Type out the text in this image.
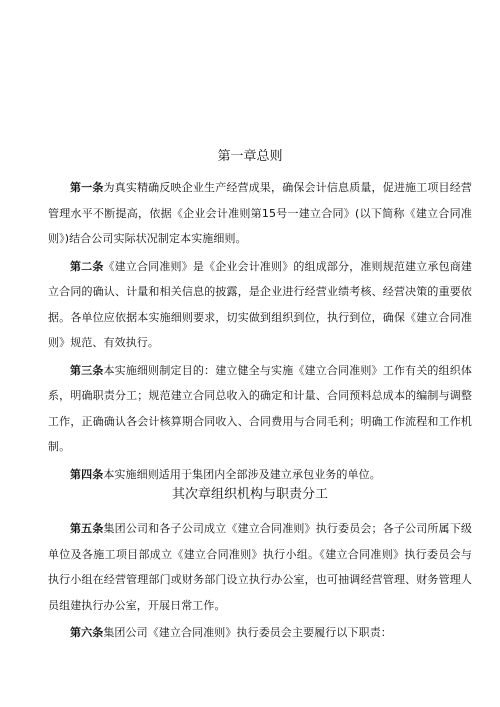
第一章总则

第一条为真实精确反映企业生产经营成果，确保会计信息质量，促进施工项目经营管理水平不断提高，依据《企业会计准则第15号一建立合同》(以下简称《建立合同准则》)结合公司实际状况制定本实施细则。

第二条《建立合同准则》是《企业会计准则》的组成部分，准则规范建立承包商建立合同的确认、计量和相关信息的披露，是企业进行经营业绩考核、经营决策的重要依据。各单位应依据本实施细则要求，切实做到组织到位，执行到位，确保《建立合同准则》规范、有效执行。

第三条本实施细则制定目的：建立健全与实施《建立合同准则》工作有关的组织体系，明确职责分工；规范建立合同总收入的确定和计量、合同预料总成本的编制与调整工作，正确确认各会计核算期合同收入、合同费用与合同毛利；明确工作流程和工作机制。

第四条本实施细则适用于集团内全部涉及建立承包业务的单位。

其次章组织机构与职责分工

第五条集团公司和各子公司成立《建立合同准则》执行委员会；各子公司所属下级单位及各施工项目部成立《建立合同准则》执行小组。《建立合同准则》执行委员会与执行小组在经营管理部门或财务部门设立执行办公室，也可抽调经营管理、财务管理人员组建执行办公室，开展日常工作。

第六条集团公司《建立合同准则》执行委员会主要履行以下职责：
